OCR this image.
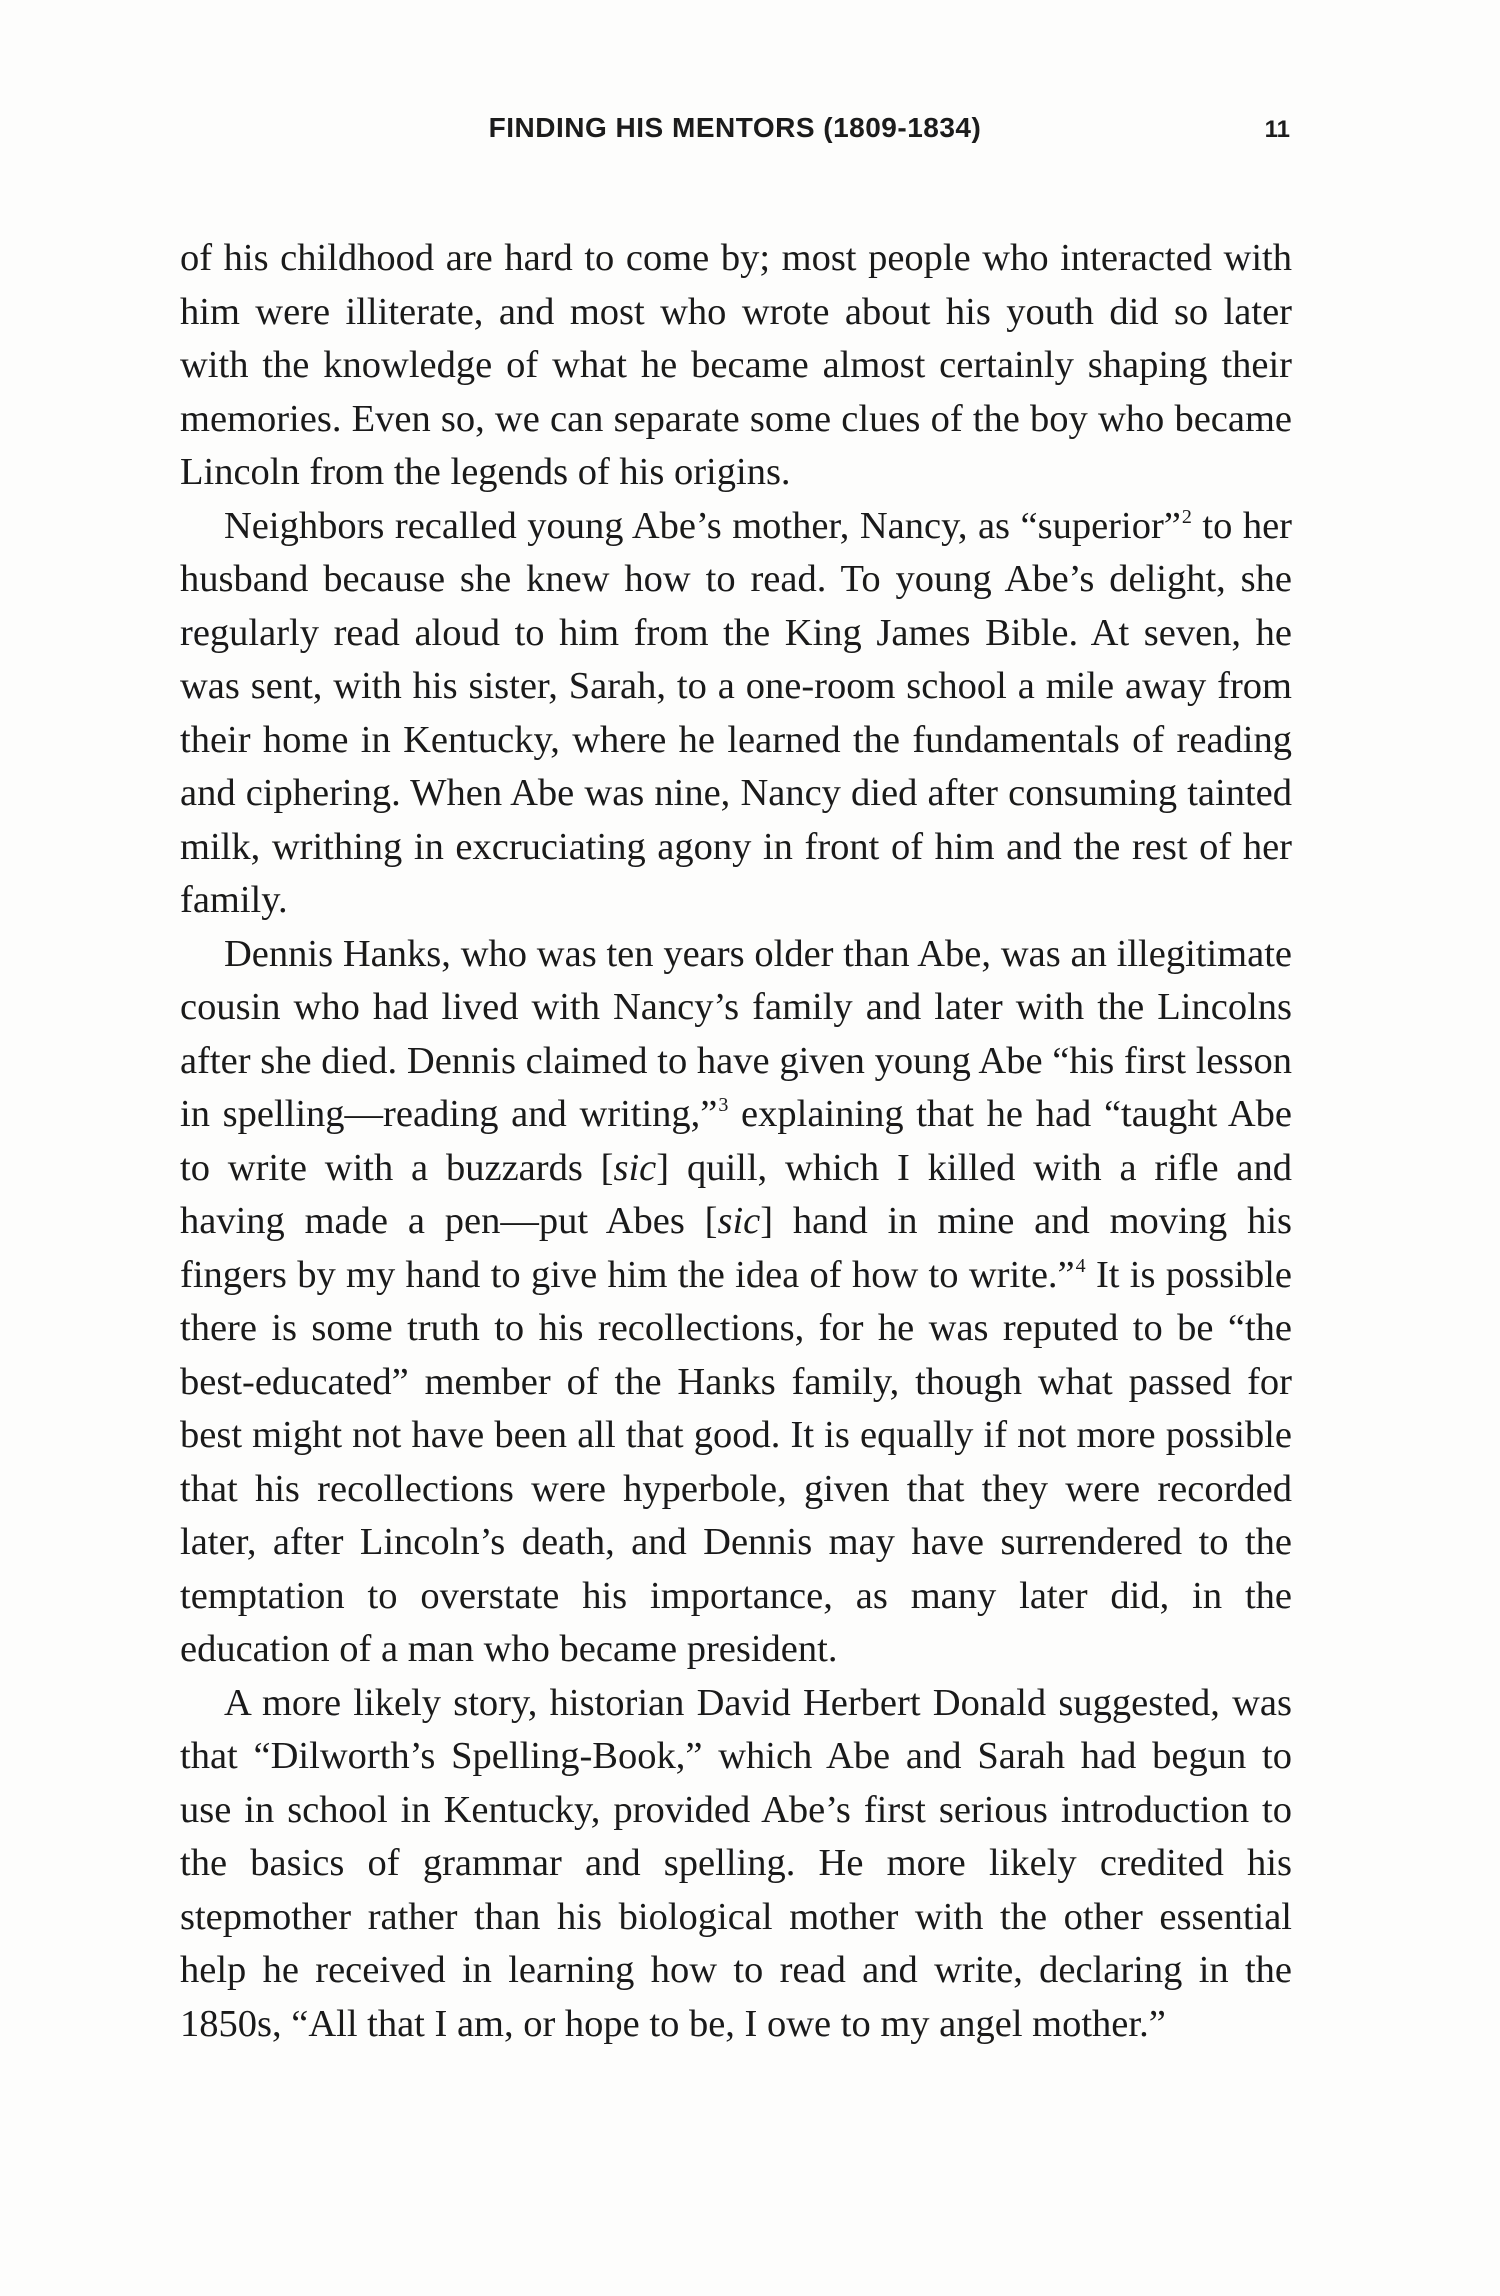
FINDING HIS MENTORS (1809-1834)	11

of his childhood are hard to come by; most people who interacted with him were illiterate, and most who wrote about his youth did so later with the knowledge of what he became almost certainly shaping their memories. Even so, we can separate some clues of the boy who became Lincoln from the legends of his origins.

Neighbors recalled young Abe’s mother, Nancy, as “superior”$^2$ to her husband because she knew how to read. To young Abe’s delight, she regularly read aloud to him from the King James Bible. At seven, he was sent, with his sister, Sarah, to a one-room school a mile away from their home in Kentucky, where he learned the fundamentals of reading and ciphering. When Abe was nine, Nancy died after consuming tainted milk, writhing in excruciating agony in front of him and the rest of her family.

Dennis Hanks, who was ten years older than Abe, was an illegitimate cousin who had lived with Nancy’s family and later with the Lincolns after she died. Dennis claimed to have given young Abe “his first lesson in spelling—reading and writing,”$^3$ explaining that he had “taught Abe to write with a buzzards [sic] quill, which I killed with a rifle and having made a pen—put Abes [sic] hand in mine and moving his fingers by my hand to give him the idea of how to write.”$^4$ It is possible there is some truth to his recollections, for he was reputed to be “the best-educated” member of the Hanks family, though what passed for best might not have been all that good. It is equally if not more possible that his recollections were hyperbole, given that they were recorded later, after Lincoln’s death, and Dennis may have surrendered to the temptation to overstate his importance, as many later did, in the education of a man who became president.

A more likely story, historian David Herbert Donald suggested, was that “Dilworth’s Spelling-Book,” which Abe and Sarah had begun to use in school in Kentucky, provided Abe’s first serious introduction to the basics of grammar and spelling. He more likely credited his stepmother rather than his biological mother with the other essential help he received in learning how to read and write, declaring in the 1850s, “All that I am, or hope to be, I owe to my angel mother.”
